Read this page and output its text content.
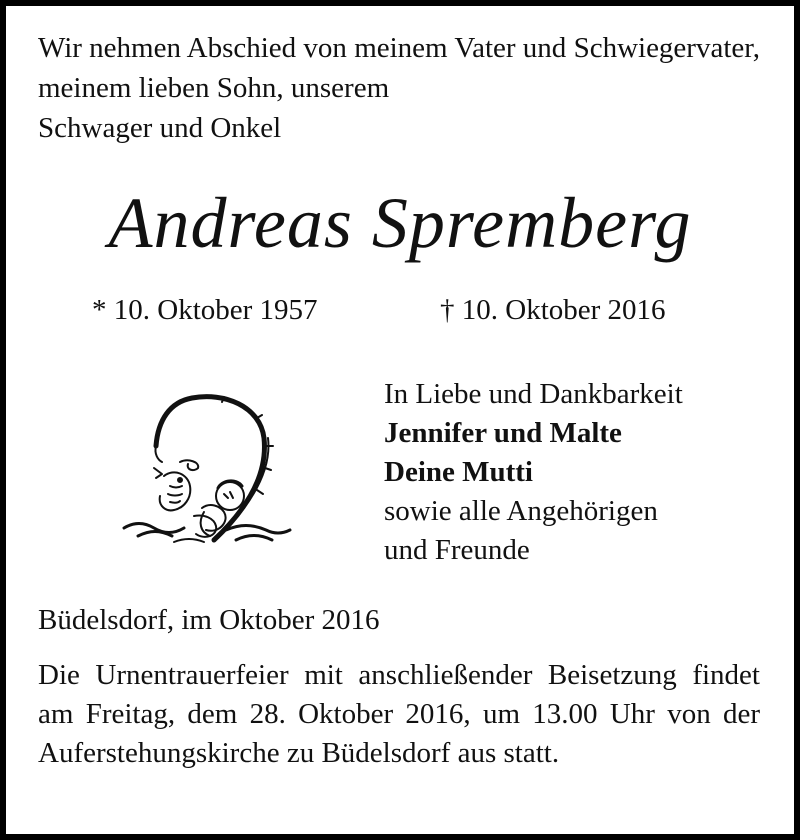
Wir nehmen Abschied von meinem Vater und Schwiegervater, meinem lieben Sohn, unserem
Schwager und Onkel
Andreas Spremberg
* 10. Oktober 1957	† 10. Oktober 2016
In Liebe und Dankbarkeit
Jennifer und Malte
Deine Mutti
sowie alle Angehörigen
und Freunde
Büdelsdorf, im Oktober 2016
Die Urnentrauerfeier mit anschließender Beisetzung findet am Freitag, dem 28. Oktober 2016, um 13.00 Uhr von der Auferstehungskirche zu Büdelsdorf aus statt.
